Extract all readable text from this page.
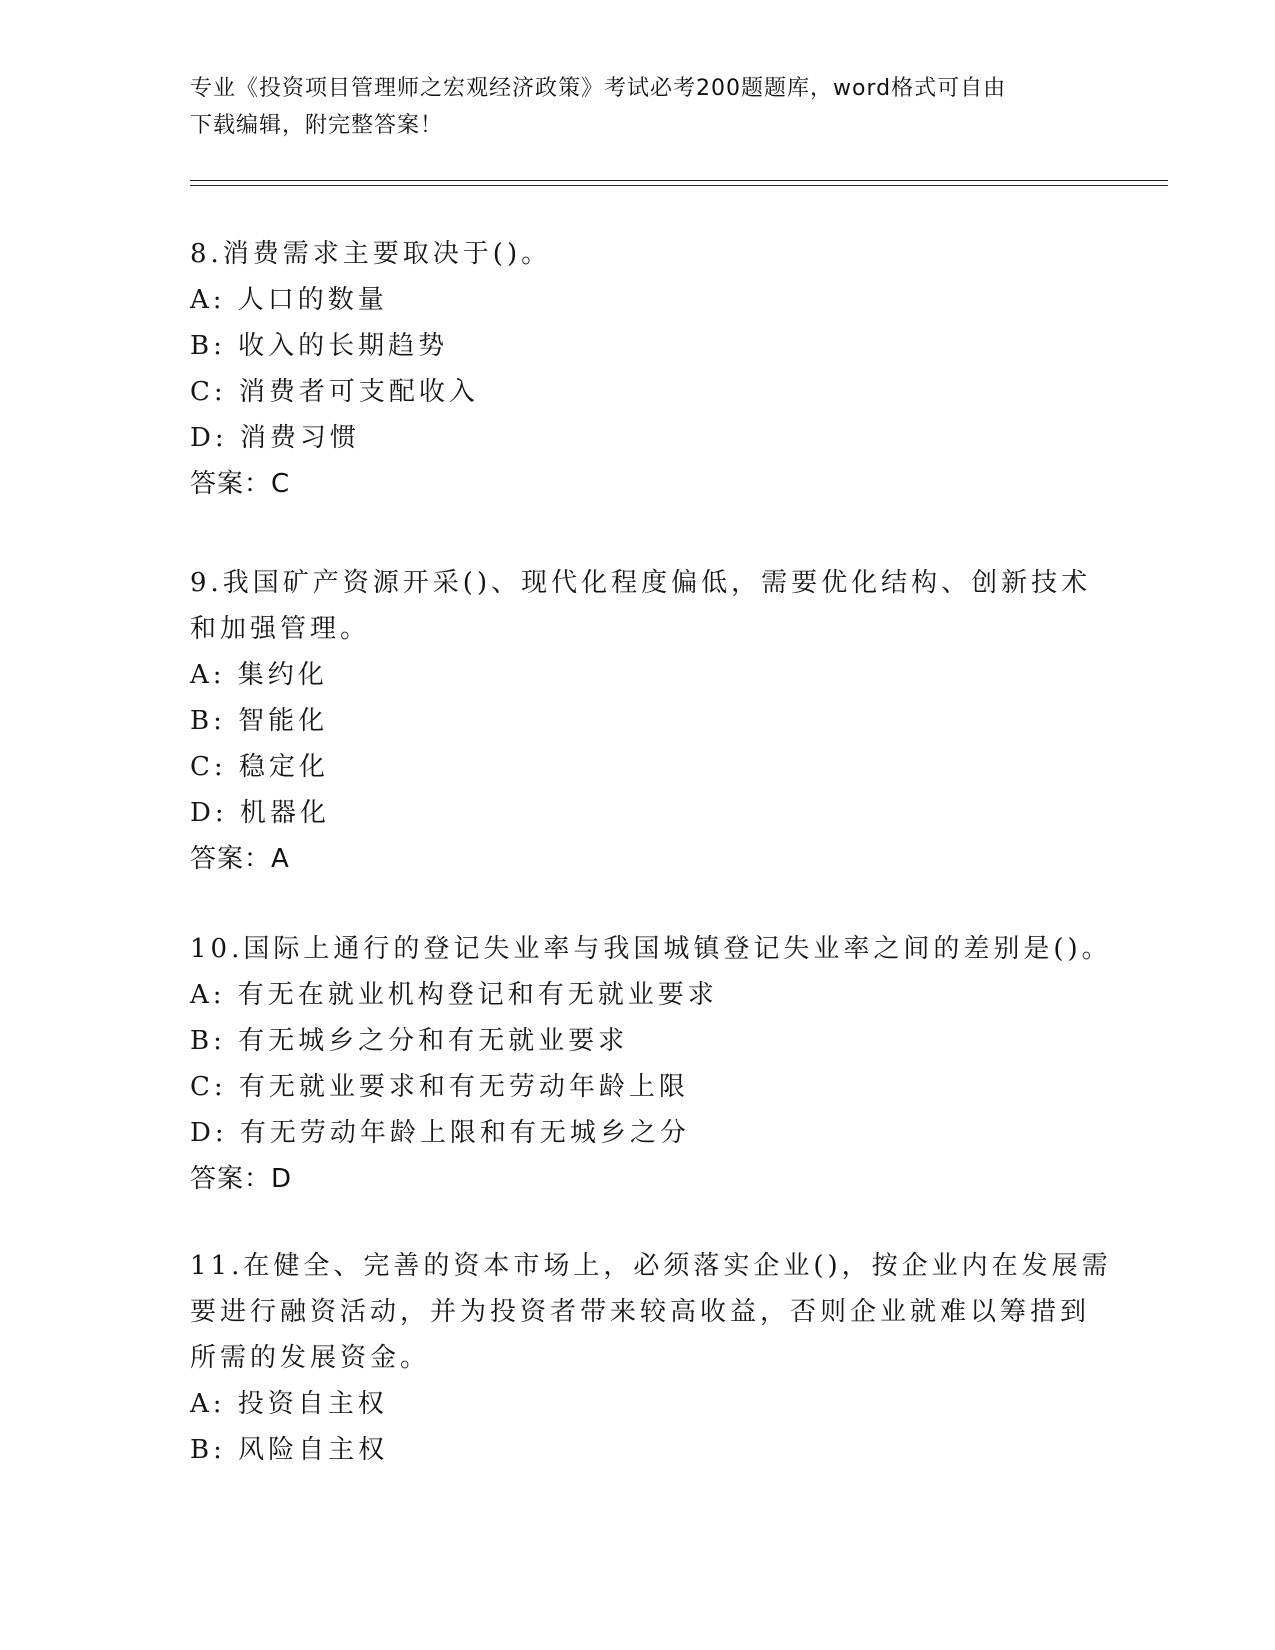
专业《投资项目管理师之宏观经济政策》考试必考200题题库，word格式可自由
下载编辑，附完整答案！
8.消费需求主要取决于()。
A: 人口的数量
B: 收入的长期趋势
C: 消费者可支配收入
D: 消费习惯
答案：C
9.我国矿产资源开采()、现代化程度偏低，需要优化结构、创新技术
和加强管理。
A: 集约化
B: 智能化
C: 稳定化
D: 机器化
答案：A
10.国际上通行的登记失业率与我国城镇登记失业率之间的差别是()。
A: 有无在就业机构登记和有无就业要求
B: 有无城乡之分和有无就业要求
C: 有无就业要求和有无劳动年龄上限
D: 有无劳动年龄上限和有无城乡之分
答案：D
11.在健全、完善的资本市场上，必须落实企业()，按企业内在发展需
要进行融资活动，并为投资者带来较高收益，否则企业就难以筹措到
所需的发展资金。
A: 投资自主权
B: 风险自主权
